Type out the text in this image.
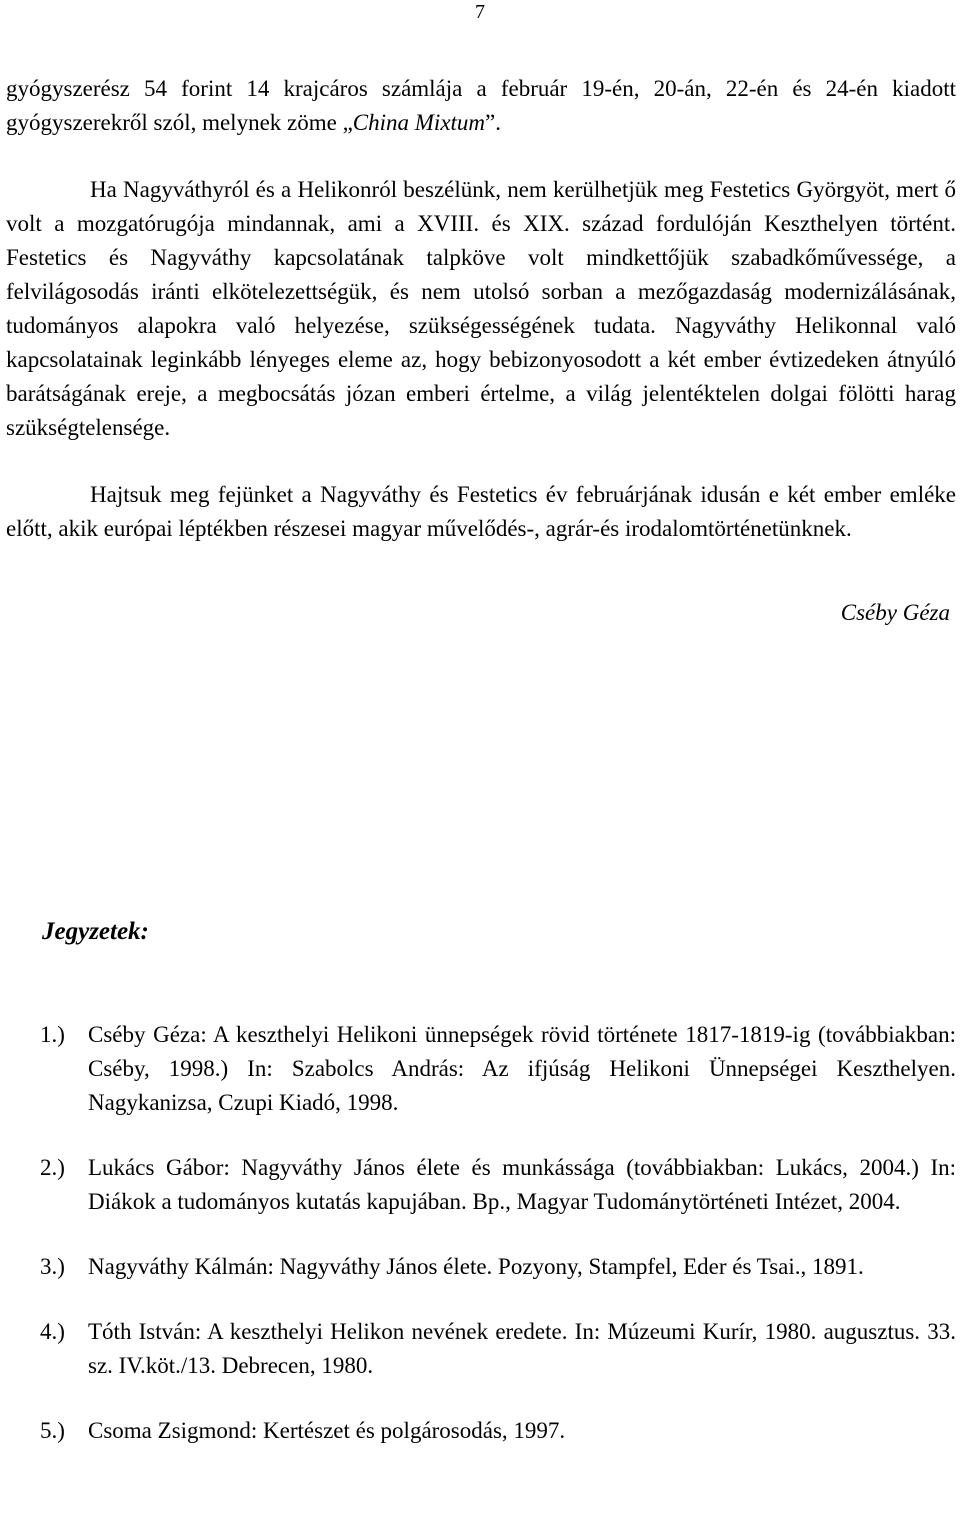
7

gyógyszerész 54 forint 14 krajcáros számlája a február 19-én, 20-án, 22-én és 24-én kiadott gyógyszerekről szól, melynek zöme „China Mixtum”.

Ha Nagyváthyról és a Helikonról beszélünk, nem kerülhetjük meg Festetics Györgyöt, mert ő volt a mozgatórugója mindannak, ami a XVIII. és XIX. század fordulóján Keszthelyen történt. Festetics és Nagyváthy kapcsolatának talpköve volt mindkettőjük szabadkőművessége, a felvilágosodás iránti elkötelezettségük, és nem utolsó sorban a mezőgazdaság modernizálásának, tudományos alapokra való helyezése, szükségességének tudata. Nagyváthy Helikonnal való kapcsolatainak leginkább lényeges eleme az, hogy bebizonyosodott a két ember évtizedeken átnyúló barátságának ereje, a megbocsátás józan emberi értelme, a világ jelentéktelen dolgai fölötti harag szükségtelensége.

Hajtsuk meg fejünket a Nagyváthy és Festetics év februárjának idusán e két ember emléke előtt, akik európai léptékben részesei magyar művelődés-, agrár-és irodalomtörténetünknek.

Cséby Géza
Jegyzetek:
1.)	Cséby Géza: A keszthelyi Helikoni ünnepségek rövid története 1817-1819-ig (továbbiakban: Cséby, 1998.) In: Szabolcs András: Az ifjúság Helikoni Ünnepségei Keszthelyen. Nagykanizsa, Czupi Kiadó, 1998.
2.)	Lukács Gábor: Nagyváthy János élete és munkássága (továbbiakban: Lukács, 2004.) In: Diákok a tudományos kutatás kapujában. Bp., Magyar Tudománytörténeti Intézet, 2004.
3.)	Nagyváthy Kálmán: Nagyváthy János élete. Pozyony, Stampfel, Eder és Tsai., 1891.
4.)	Tóth István: A keszthelyi Helikon nevének eredete. In: Múzeumi Kurír, 1980. augusztus. 33. sz. IV.köt./13. Debrecen, 1980.
5.)	Csoma Zsigmond: Kertészet és polgárosodás, 1997.
